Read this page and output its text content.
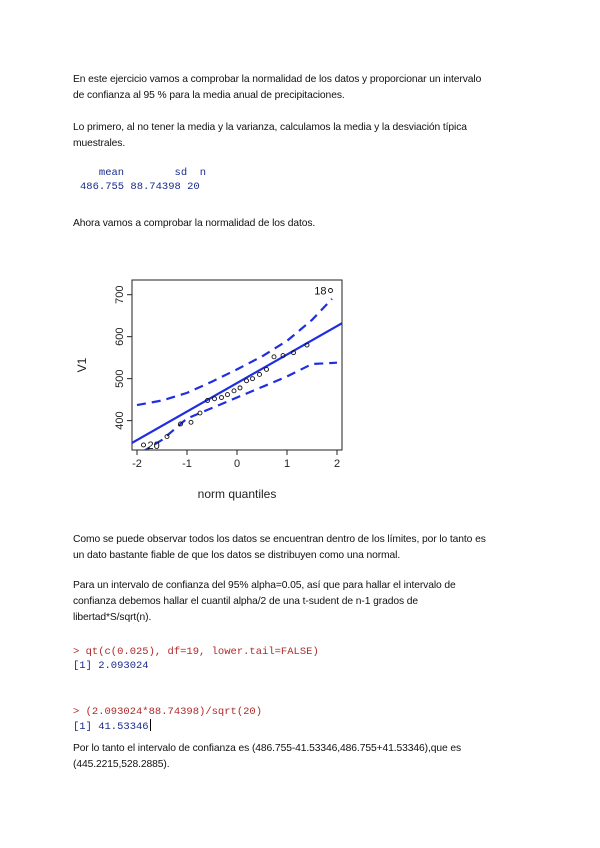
En este ejercicio vamos a comprobar la normalidad de los datos y proporcionar un intervalo
de confianza al 95 % para la media anual de precipitaciones.
Lo primero, al no tener la media y la varianza, calculamos la media y la desviación típica
muestrales.
mean        sd  n
486.755 88.74398 20
Ahora vamos a comprobar la normalidad de los datos.
-2	-1	0	1	2
400
500
600
700	18
20
V1
norm quantiles
Como se puede observar todos los datos se encuentran dentro de los límites, por lo tanto es
un dato bastante fiable de que los datos se distribuyen como una normal.
Para un intervalo de confianza del 95% alpha=0.05, así que para hallar el intervalo de
confianza debemos hallar el cuantil alpha/2 de una t-sudent de n-1 grados de
libertad*S/sqrt(n).
> qt(c(0.025), df=19, lower.tail=FALSE)
[1] 2.093024
> (2.093024*88.74398)/sqrt(20)
[1] 41.53346
Por lo tanto el intervalo de confianza es (486.755-41.53346,486.755+41.53346),que es
(445.2215,528.2885).
